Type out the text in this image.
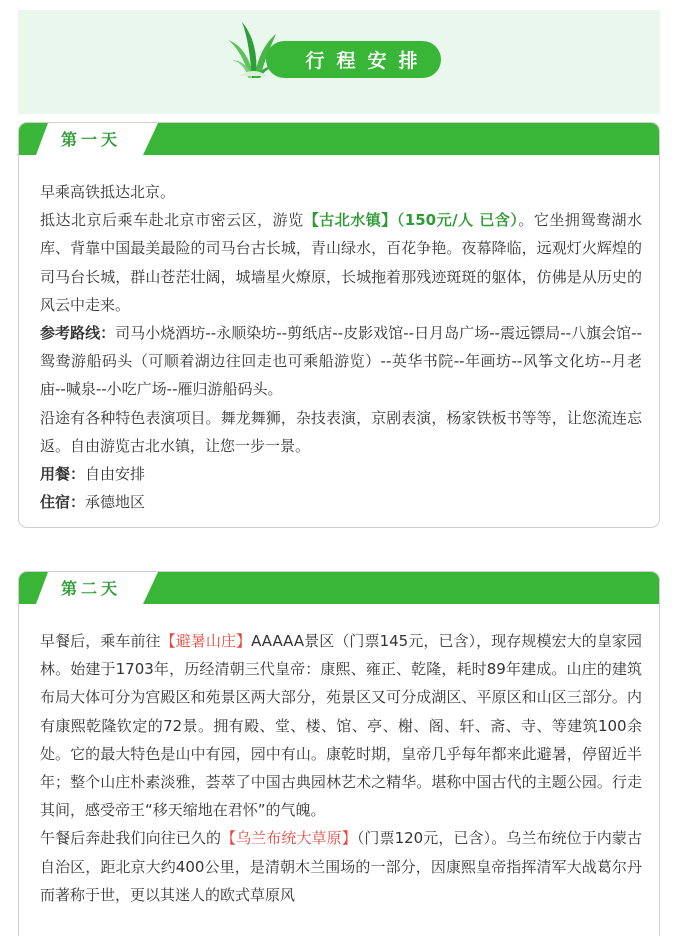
行程安排
第一天

早乘高铁抵达北京。

抵达北京后乘车赴北京市密云区，游览【古北水镇】（150元/人 已含）。它坐拥鸳鸯湖水库、背靠中国最美最险的司马台古长城，青山绿水，百花争艳。夜幕降临，远观灯火辉煌的司马台长城，群山苍茫壮阔，城墙星火燎原，长城拖着那残迹斑斑的躯体，仿佛是从历史的风云中走来。

参考路线：司马小烧酒坊--永顺染坊--剪纸店--皮影戏馆--日月岛广场--震远镖局--八旗会馆--鸳鸯游船码头（可顺着湖边往回走也可乘船游览）--英华书院--年画坊--风筝文化坊--月老庙--喊泉--小吃广场--雁归游船码头。

沿途有各种特色表演项目。舞龙舞狮，杂技表演，京剧表演，杨家铁板书等等，让您流连忘返。自由游览古北水镇，让您一步一景。

用餐：自由安排

住宿：承德地区

第二天

早餐后，乘车前往【避暑山庄】AAAAA景区（门票145元，已含），现存规模宏大的皇家园林。始建于1703年，历经清朝三代皇帝：康熙、雍正、乾隆，耗时89年建成。山庄的建筑布局大体可分为宫殿区和苑景区两大部分，苑景区又可分成湖区、平原区和山区三部分。内有康熙乾隆钦定的72景。拥有殿、堂、楼、馆、亭、榭、阁、轩、斋、寺、等建筑100余处。它的最大特色是山中有园，园中有山。康乾时期，皇帝几乎每年都来此避暑，停留近半年；整个山庄朴素淡雅，荟萃了中国古典园林艺术之精华。堪称中国古代的主题公园。行走其间，感受帝王“移天缩地在君怀”的气魄。

午餐后奔赴我们向往已久的【乌兰布统大草原】（门票120元，已含）。乌兰布统位于内蒙古自治区，距北京大约400公里，是清朝木兰围场的一部分，因康熙皇帝指挥清军大战葛尔丹而著称于世，更以其迷人的欧式草原风
